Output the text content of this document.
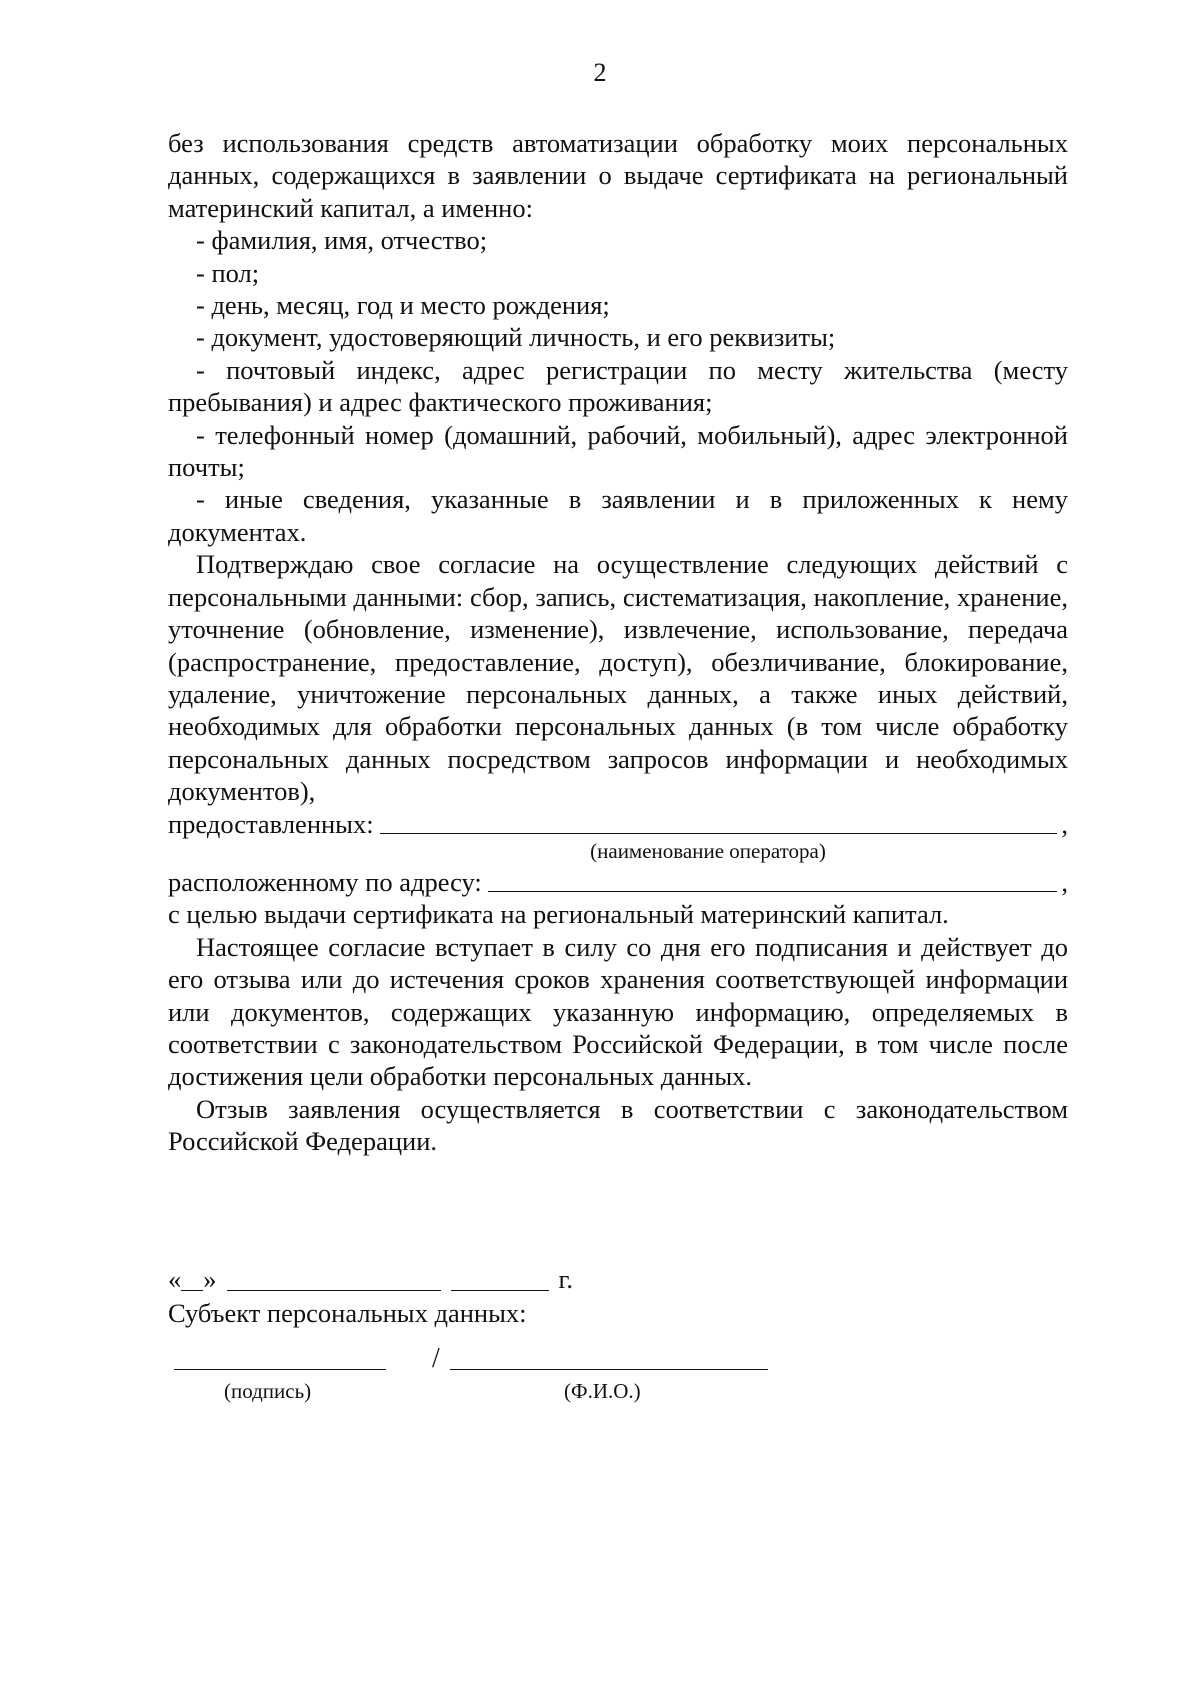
2

без использования средств автоматизации обработку моих персональных данных, содержащихся в заявлении о выдаче сертификата на региональный материнский капитал, а именно:

- фамилия, имя, отчество;

- пол;

- день, месяц, год и место рождения;

- документ, удостоверяющий личность, и его реквизиты;

- почтовый индекс, адрес регистрации по месту жительства (месту пребывания) и адрес фактического проживания;

- телефонный номер (домашний, рабочий, мобильный), адрес электронной почты;

- иные сведения, указанные в заявлении и в приложенных к нему документах.

Подтверждаю свое согласие на осуществление следующих действий с персональными данными: сбор, запись, систематизация, накопление, хранение, уточнение (обновление, изменение), извлечение, использование, передача (распространение, предоставление, доступ), обезличивание, блокирование, удаление, уничтожение персональных данных, а также иных действий, необходимых для обработки персональных данных (в том числе обработку персональных данных посредством запросов информации и необходимых документов),

предоставленных:	,
(наименование оператора)
расположенному по адресу:	,

с целью выдачи сертификата на региональный материнский капитал.

Настоящее согласие вступает в силу со дня его подписания и действует до его отзыва или до истечения сроков хранения соответствующей информации или документов, содержащих указанную информацию, определяемых в соответствии с законодательством Российской Федерации, в том числе после достижения цели обработки персональных данных.

Отзыв заявления осуществляется в соответствии с законодательством Российской Федерации.

« »	г.
Субъект персональных данных:
/
(подпись)	(Ф.И.О.)
